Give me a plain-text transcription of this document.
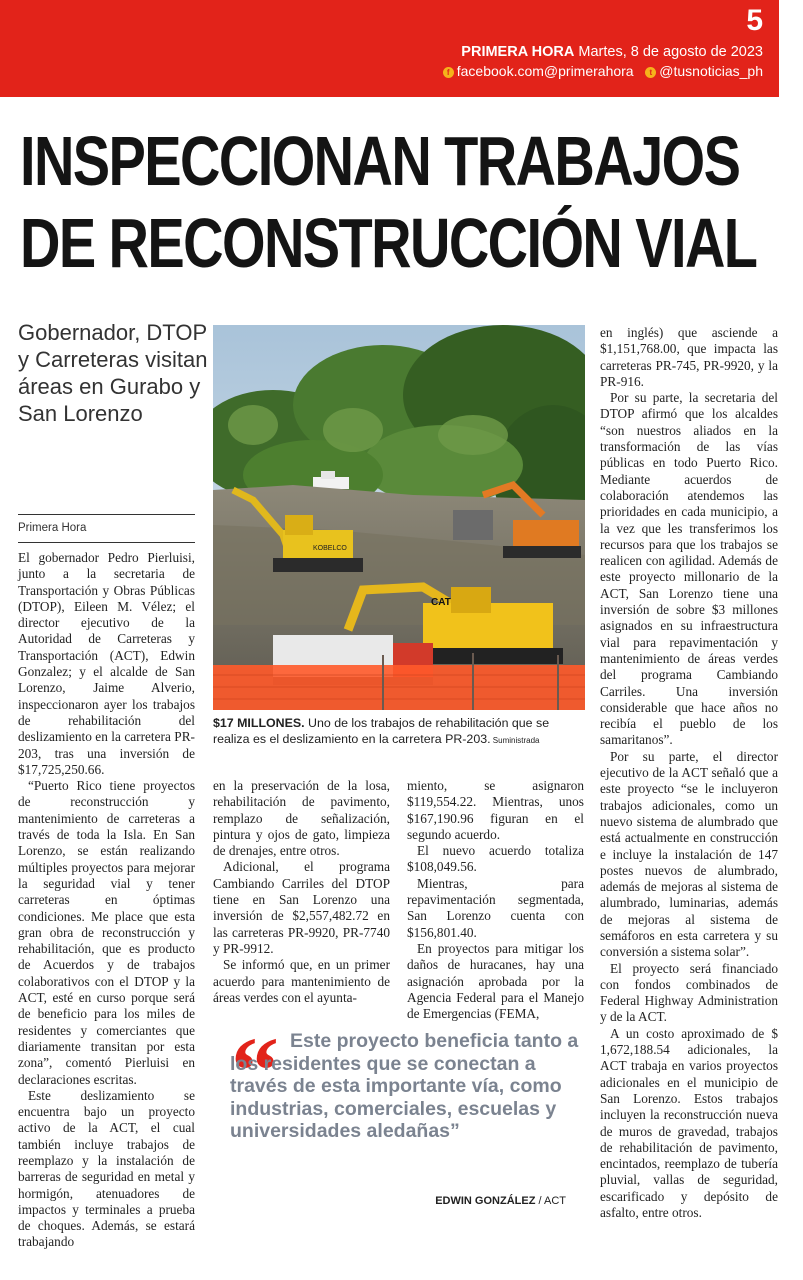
5
PRIMERA HORA Martes, 8 de agosto de 2023
f facebook.com@primerahora t @tusnoticias_ph
INSPECCIONAN TRABAJOS
DE RECONSTRUCCIÓN VIAL
Gobernador, DTOP y Carreteras visitan áreas en Gurabo y San Lorenzo
Primera Hora

El gobernador Pedro Pierluisi, junto a la secretaria de Transportación y Obras Públicas (DTOP), Eileen M. Vélez; el director ejecutivo de la Autoridad de Carreteras y Transportación (ACT), Edwin Gonzalez; y el alcalde de San Lorenzo, Jaime Alverio, inspeccionaron ayer los trabajos de rehabilitación del deslizamiento en la carretera PR-203, tras una inversión de $17,725,250.66.

“Puerto Rico tiene proyectos de reconstrucción y mantenimiento de carreteras a través de toda la Isla. En San Lorenzo, se están realizando múltiples proyectos para mejorar la seguridad vial y tener carreteras en óptimas condiciones. Me place que esta gran obra de reconstrucción y rehabilitación, que es producto de Acuerdos y de trabajos colaborativos con el DTOP y la ACT, esté en curso porque será de beneficio para los miles de residentes y comerciantes que diariamente transitan por esta zona”, comentó Pierluisi en declaraciones escritas.

Este deslizamiento se encuentra bajo un proyecto activo de la ACT, el cual también incluye trabajos de reemplazo y la instalación de barreras de seguridad en metal y hormigón, atenuadores de impactos y terminales a prueba de choques. Además, se estará trabajando

KOBELCO
CAT
$17 MILLONES. Uno de los trabajos de rehabilitación que se realiza es el deslizamiento en la carretera PR-203. Suministrada

en la preservación de la losa, rehabilitación de pavimento, remplazo de señalización, pintura y ojos de gato, limpieza de drenajes, entre otros.

Adicional, el programa Cambiando Carriles del DTOP tiene en San Lorenzo una inversión de $2,557,482.72 en las carreteras PR-9920, PR-7740 y PR-9912.

Se informó que, en un primer acuerdo para mantenimiento de áreas verdes con el ayunta-

miento, se asignaron $119,554.22. Mientras, unos $167,190.96 figuran en el segundo acuerdo.

El nuevo acuerdo totaliza $108,049.56.

Mientras, para repavimentación segmentada, San Lorenzo cuenta con $156,801.40.

En proyectos para mitigar los daños de huracanes, hay una asignación aprobada por la Agencia Federal para el Manejo de Emergencias (FEMA,

“ Este proyecto beneficia tanto a los residentes que se conectan a través de esta importante vía, como industrias, comerciales, escuelas y universidades aledañas”
EDWIN GONZÁLEZ / ACT

en inglés) que asciende a $1,151,768.00, que impacta las carreteras PR-745, PR-9920, y la PR-916.

Por su parte, la secretaria del DTOP afirmó que los alcaldes “son nuestros aliados en la transformación de las vías públicas en todo Puerto Rico. Mediante acuerdos de colaboración atendemos las prioridades en cada municipio, a la vez que les transferimos los recursos para que los trabajos se realicen con agilidad. Además de este proyecto millonario de la ACT, San Lorenzo tiene una inversión de sobre $3 millones asignados en su infraestructura vial para repavimentación y mantenimiento de áreas verdes del programa Cambiando Carriles. Una inversión considerable que hace años no recibía el pueblo de los samaritanos”.

Por su parte, el director ejecutivo de la ACT señaló que a este proyecto “se le incluyeron trabajos adicionales, como un nuevo sistema de alumbrado que está actualmente en construcción e incluye la instalación de 147 postes nuevos de alumbrado, además de mejoras al sistema de alumbrado, luminarias, además de mejoras al sistema de semáforos en esta carretera y su conversión a sistema solar”.

El proyecto será financiado con fondos combinados de Federal Highway Administration y de la ACT.

A un costo aproximado de $ 1,672,188.54 adicionales, la ACT trabaja en varios proyectos adicionales en el municipio de San Lorenzo. Estos trabajos incluyen la reconstrucción nueva de muros de gravedad, trabajos de rehabilitación de pavimento, encintados, reemplazo de tubería pluvial, vallas de seguridad, escarificado y depósito de asfalto, entre otros.
